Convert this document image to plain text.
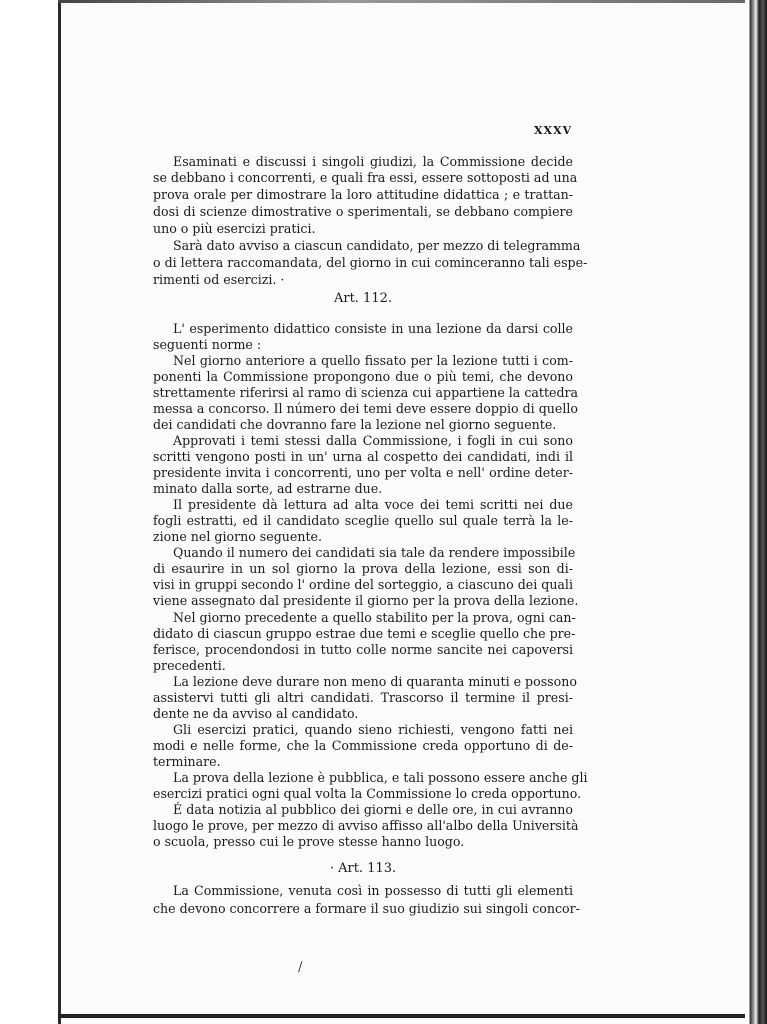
XXXV
Esaminati e discussi i singoli giudizi, la Commissione decide
se debbano i concorrenti, e quali fra essi, essere sottoposti ad una
prova orale per dimostrare la loro attitudine didattica ; e trattan-
dosi di scienze dimostrative o sperimentali, se debbano compiere
uno o più esercizi pratici.
Sarà dato avviso a ciascun candidato, per mezzo di telegramma
o di lettera raccomandata, del giorno in cui cominceranno tali espe-
rimenti od esercizi. ·
Art. 112.
L' esperimento didattico consiste in una lezione da darsi colle
seguenti norme :
Nel giorno anteriore a quello fissato per la lezione tutti i com-
ponenti la Commissione propongono due o più temi, che devono
strettamente riferirsi al ramo di scienza cui appartiene la cattedra
messa a concorso. Il número dei temi deve essere doppio di quello
dei candidati che dovranno fare la lezione nel giorno seguente.
Approvati i temi stessi dalla Commissione, i fogli in cui sono
scritti vengono posti in un' urna al cospetto dei candidati, indi il
presidente invita i concorrenti, uno per volta e nell' ordine deter-
minato dalla sorte, ad estrarne due.
Il presidente dà lettura ad alta voce dei temi scritti nei due
fogli estratti, ed il candidato sceglie quello sul quale terrà la le-
zione nel giorno seguente.
Quando il numero dei candidati sia tale da rendere impossibile
di esaurire in un sol giorno la prova della lezione, essi son di-
visi in gruppi secondo l' ordine del sorteggio, a ciascuno dei quali
viene assegnato dal presidente il giorno per la prova della lezione.
Nel giorno precedente a quello stabilito per la prova, ogni can-
didato di ciascun gruppo estrae due temi e sceglie quello che pre-
ferisce, procendondosi in tutto colle norme sancite nei capoversi
precedenti.
La lezione deve durare non meno di quaranta minuti e possono
assistervi tutti gli altri candidati. Trascorso il termine il presi-
dente ne da avviso al candidato.
Gli esercizi pratici, quando sieno richiesti, vengono fatti nei
modi e nelle forme, che la Commissione creda opportuno di de-
terminare.
La prova della lezione è pubblica, e tali possono essere anche gli
esercizi pratici ogni qual volta la Commissione lo creda opportuno.
É data notizia al pubblico dei giorni e delle ore, in cui avranno
luogo le prove, per mezzo di avviso affisso all'albo della Università
o scuola, presso cui le prove stesse hanno luogo.
· Art. 113.
La Commissione, venuta così in possesso di tutti gli elementi
che devono concorrere a formare il suo giudizio sui singoli concor-
/
